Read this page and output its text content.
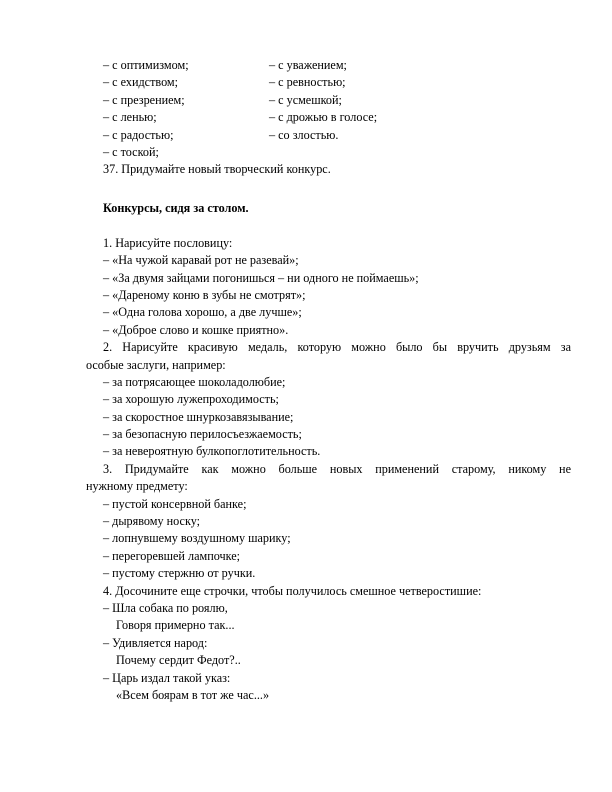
– с оптимизмом;	– с уважением;
– с ехидством;	– с ревностью;
– с презрением;	– с усмешкой;
– с ленью;	– с дрожью в голосе;
– с радостью;	– со злостью.
– с тоской;
37. Придумайте новый творческий конкурс.
Конкурсы, сидя за столом.
1. Нарисуйте пословицу:
– «На чужой каравай рот не разевай»;
– «За двумя зайцами погонишься – ни одного не поймаешь»;
– «Дареному коню в зубы не смотрят»;
– «Одна голова хорошо, а две лучше»;
– «Доброе слово и кошке приятно».
2. Нарисуйте красивую медаль, которую можно было бы вручить друзьям за
особые заслуги, например:
– за потрясающее шоколадолюбие;
– за хорошую лужепроходимость;
– за скоростное шнуркозавязывание;
– за безопасную перилосъезжаемость;
– за невероятную булкопоглотительность.
3. Придумайте как можно больше новых применений старому, никому не
нужному предмету:
– пустой консервной банке;
– дырявому носку;
– лопнувшему воздушному шарику;
– перегоревшей лампочке;
– пустому стержню от ручки.
4. Досочините еще строчки, чтобы получилось смешное четверостишие:
– Шла собака по роялю,
Говоря примерно так...
– Удивляется народ:
Почему сердит Федот?..
– Царь издал такой указ:
«Всем боярам в тот же час...»
